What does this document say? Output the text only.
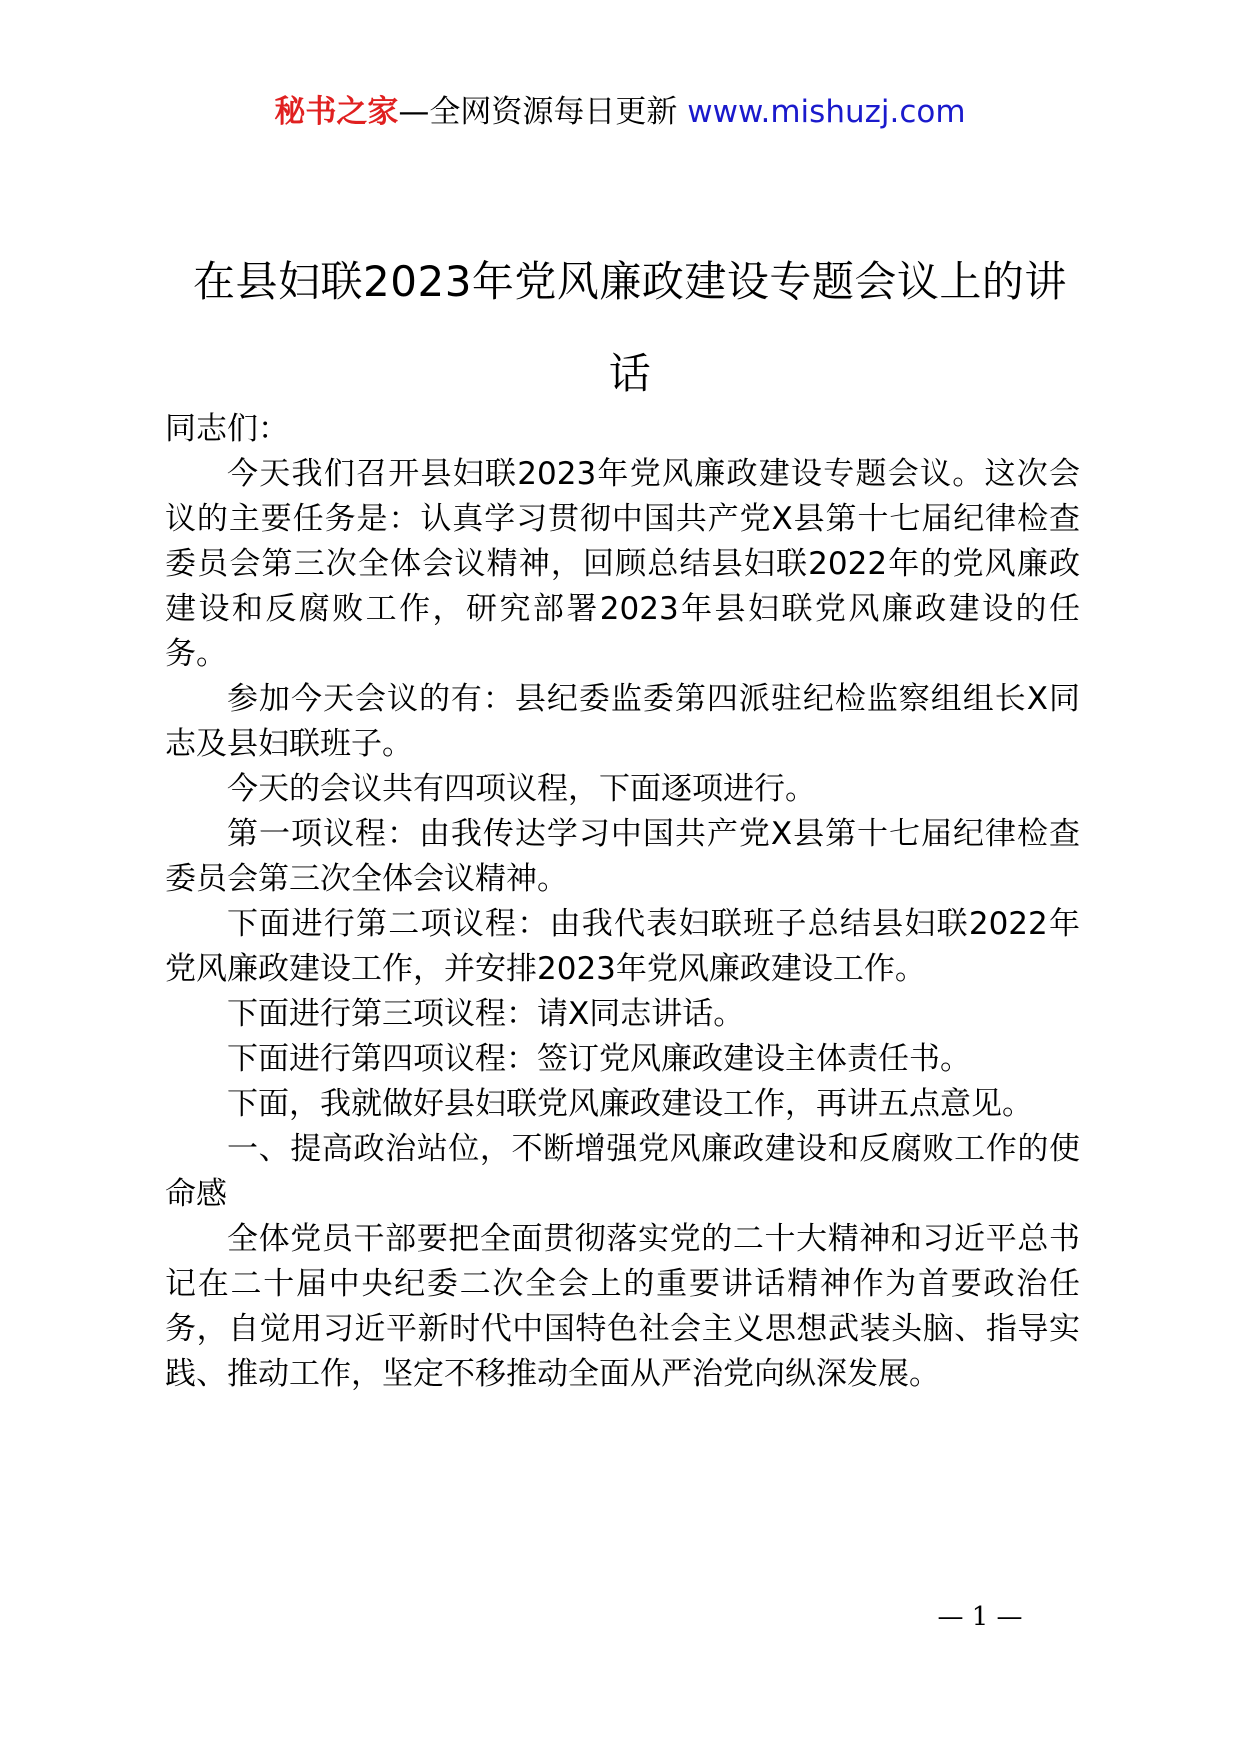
秘书之家—全网资源每日更新 www.mishuzj.com
在县妇联2023年党风廉政建设专题会议上的讲话

同志们：

今天我们召开县妇联2023年党风廉政建设专题会议。这次会议的主要任务是：认真学习贯彻中国共产党X县第十七届纪律检查委员会第三次全体会议精神，回顾总结县妇联2022年的党风廉政建设和反腐败工作，研究部署2023年县妇联党风廉政建设的任务。

参加今天会议的有：县纪委监委第四派驻纪检监察组组长X同志及县妇联班子。

今天的会议共有四项议程，下面逐项进行。

第一项议程：由我传达学习中国共产党X县第十七届纪律检查委员会第三次全体会议精神。

下面进行第二项议程：由我代表妇联班子总结县妇联2022年党风廉政建设工作，并安排2023年党风廉政建设工作。

下面进行第三项议程：请X同志讲话。

下面进行第四项议程：签订党风廉政建设主体责任书。

下面，我就做好县妇联党风廉政建设工作，再讲五点意见。

一、提高政治站位，不断增强党风廉政建设和反腐败工作的使命感

全体党员干部要把全面贯彻落实党的二十大精神和习近平总书记在二十届中央纪委二次全会上的重要讲话精神作为首要政治任务，自觉用习近平新时代中国特色社会主义思想武装头脑、指导实践、推动工作，坚定不移推动全面从严治党向纵深发展。

— 1 —
